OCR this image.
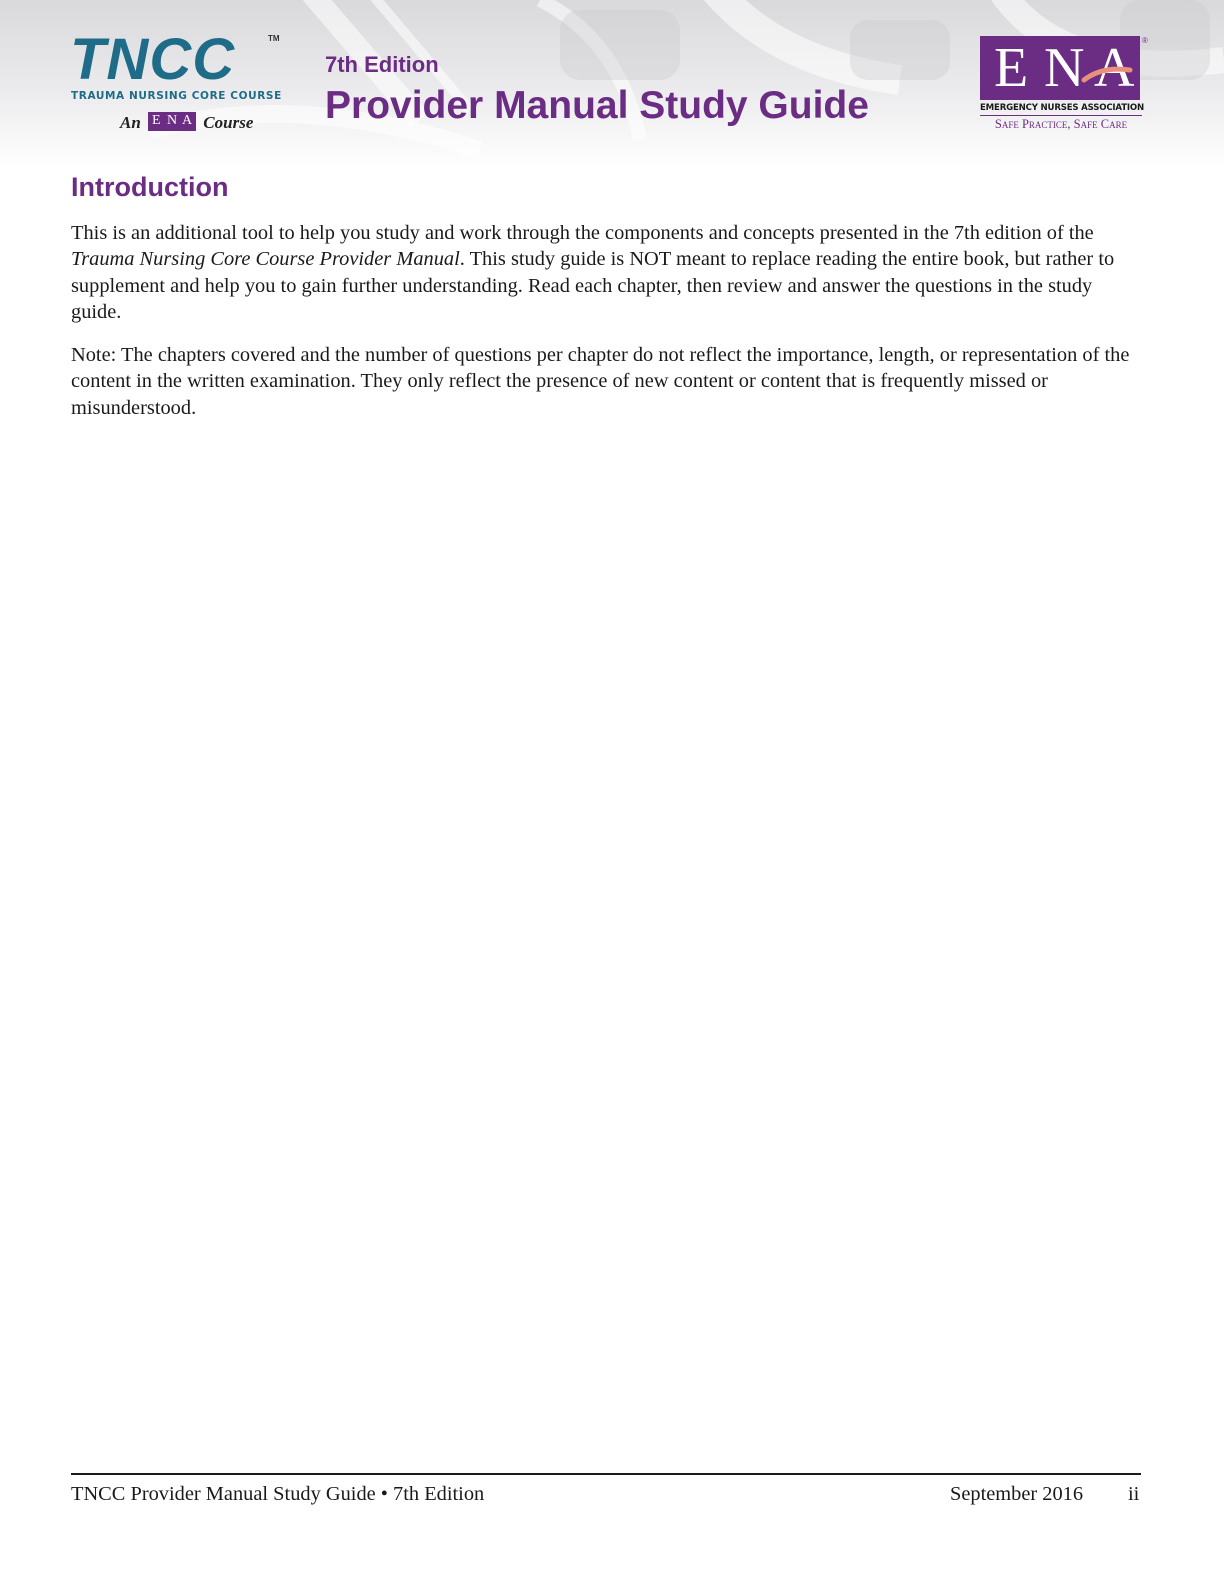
TNCC	TM
TRAUMA NURSING CORE COURSE
An E N A Course
7th Edition
Provider Manual Study Guide
E N A ®
EMERGENCY NURSES ASSOCIATION
Safe Practice, Safe Care
Introduction

This is an additional tool to help you study and work through the components and concepts presented in the 7th edition of the Trauma Nursing Core Course Provider Manual. This study guide is NOT meant to replace reading the entire book, but rather to supplement and help you to gain further understanding. Read each chapter, then review and answer the questions in the study guide.

Note: The chapters covered and the number of questions per chapter do not reflect the importance, length, or representation of the content in the written examination. They only reflect the presence of new content or content that is frequently missed or misunderstood.

TNCC Provider Manual Study Guide • 7th Edition	September 2016 ii
